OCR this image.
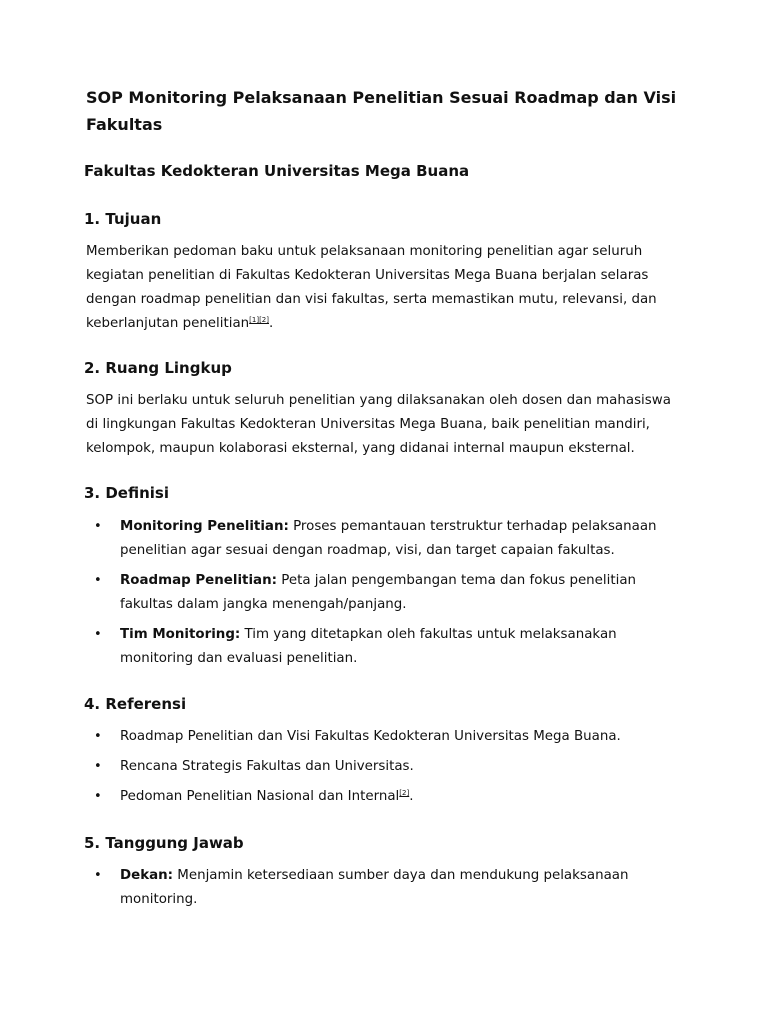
SOP Monitoring Pelaksanaan Penelitian Sesuai Roadmap dan Visi Fakultas
Fakultas Kedokteran Universitas Mega Buana
1. Tujuan

Memberikan pedoman baku untuk pelaksanaan monitoring penelitian agar seluruh kegiatan penelitian di Fakultas Kedokteran Universitas Mega Buana berjalan selaras dengan roadmap penelitian dan visi fakultas, serta memastikan mutu, relevansi, dan keberlanjutan penelitian[1][2].

2. Ruang Lingkup

SOP ini berlaku untuk seluruh penelitian yang dilaksanakan oleh dosen dan mahasiswa di lingkungan Fakultas Kedokteran Universitas Mega Buana, baik penelitian mandiri, kelompok, maupun kolaborasi eksternal, yang didanai internal maupun eksternal.

3. Definisi
• Monitoring Penelitian: Proses pemantauan terstruktur terhadap pelaksanaan penelitian agar sesuai dengan roadmap, visi, dan target capaian fakultas.
• Roadmap Penelitian: Peta jalan pengembangan tema dan fokus penelitian fakultas dalam jangka menengah/panjang.
• Tim Monitoring: Tim yang ditetapkan oleh fakultas untuk melaksanakan monitoring dan evaluasi penelitian.
4. Referensi
• Roadmap Penelitian dan Visi Fakultas Kedokteran Universitas Mega Buana.
• Rencana Strategis Fakultas dan Universitas.
• Pedoman Penelitian Nasional dan Internal[2].
5. Tanggung Jawab
• Dekan: Menjamin ketersediaan sumber daya dan mendukung pelaksanaan monitoring.
